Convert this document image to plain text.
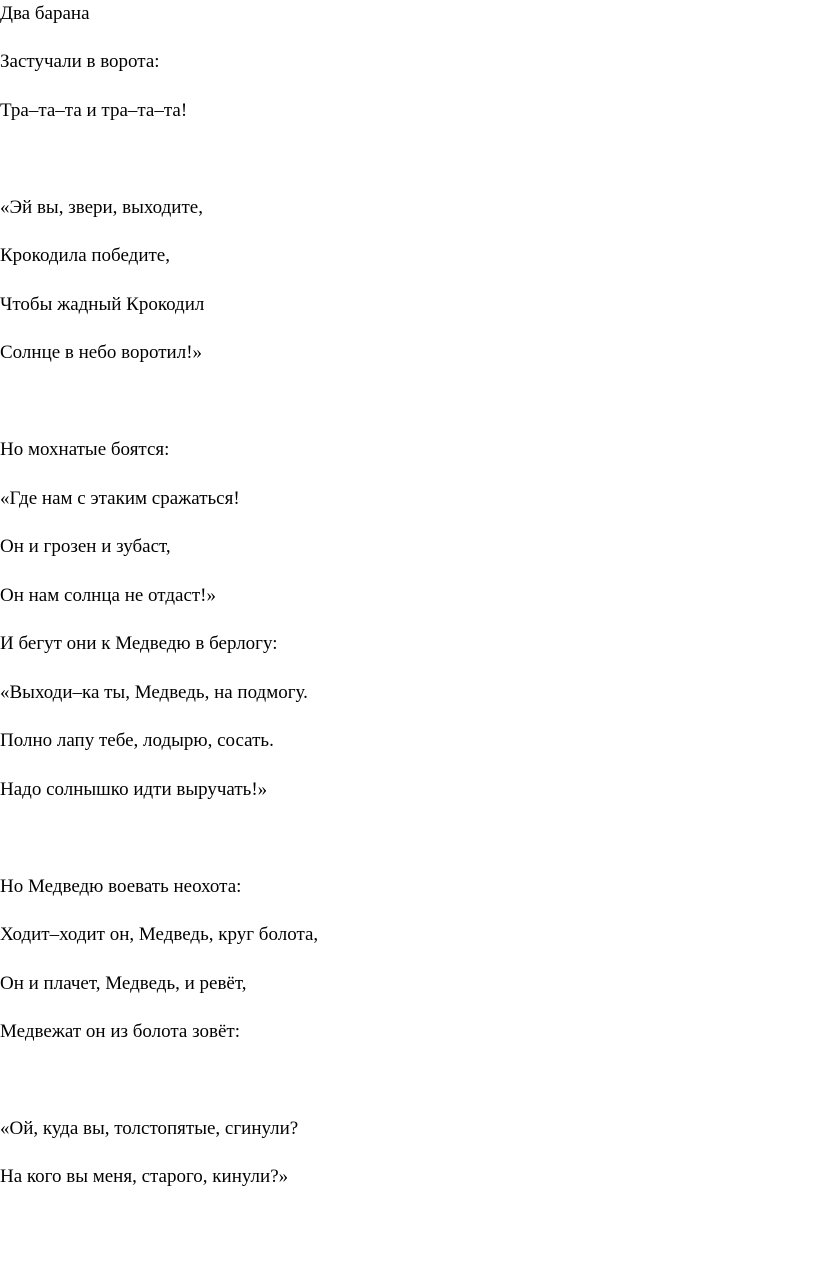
Два барана

Застучали в ворота:

Тра–та–та и тра–та–та!

«Эй вы, звери, выходите,

Крокодила победите,

Чтобы жадный Крокодил

Солнце в небо воротил!»

Но мохнатые боятся:

«Где нам с этаким сражаться!

Он и грозен и зубаст,

Он нам солнца не отдаст!»

И бегут они к Медведю в берлогу:

«Выходи–ка ты, Медведь, на подмогу.

Полно лапу тебе, лодырю, сосать.

Надо солнышко идти выручать!»

Но Медведю воевать неохота:

Ходит–ходит он, Медведь, круг болота,

Он и плачет, Медведь, и ревёт,

Медвежат он из болота зовёт:

«Ой, куда вы, толстопятые, сгинули?

На кого вы меня, старого, кинули?»
